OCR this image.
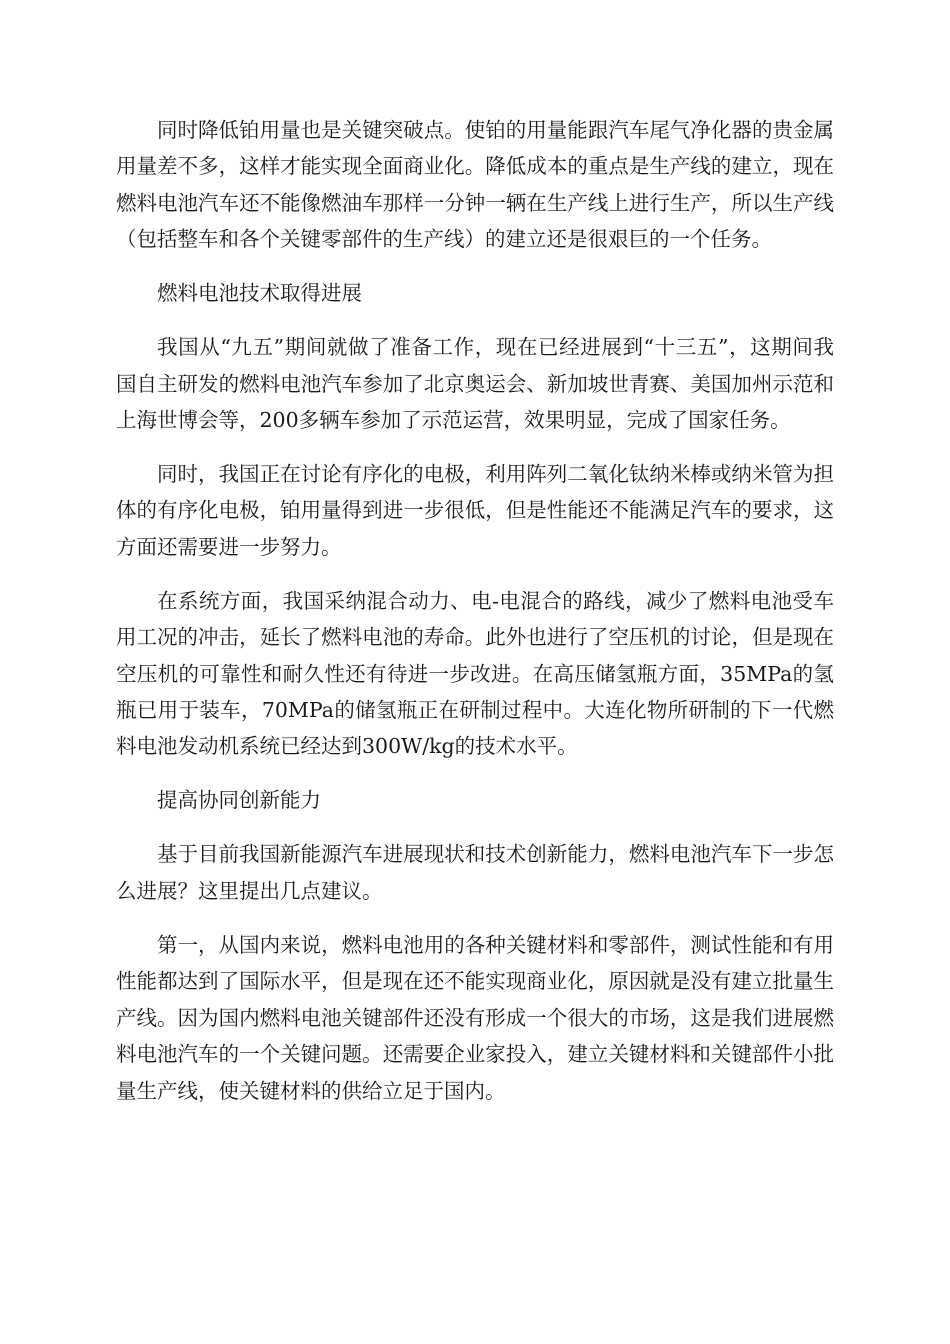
同时降低铂用量也是关键突破点。使铂的用量能跟汽车尾气净化器的贵金属用量差不多，这样才能实现全面商业化。降低成本的重点是生产线的建立，现在燃料电池汽车还不能像燃油车那样一分钟一辆在生产线上进行生产，所以生产线（包括整车和各个关键零部件的生产线）的建立还是很艰巨的一个任务。

燃料电池技术取得进展

我国从“九五”期间就做了准备工作，现在已经进展到“十三五”，这期间我国自主研发的燃料电池汽车参加了北京奥运会、新加坡世青赛、美国加州示范和上海世博会等，200多辆车参加了示范运营，效果明显，完成了国家任务。

同时，我国正在讨论有序化的电极，利用阵列二氧化钛纳米棒或纳米管为担体的有序化电极，铂用量得到进一步很低，但是性能还不能满足汽车的要求，这方面还需要进一步努力。

在系统方面，我国采纳混合动力、电-电混合的路线，减少了燃料电池受车用工况的冲击，延长了燃料电池的寿命。此外也进行了空压机的讨论，但是现在空压机的可靠性和耐久性还有待进一步改进。在高压储氢瓶方面，35MPa的氢瓶已用于装车，70MPa的储氢瓶正在研制过程中。大连化物所研制的下一代燃料电池发动机系统已经达到300W/kg的技术水平。

提高协同创新能力

基于目前我国新能源汽车进展现状和技术创新能力，燃料电池汽车下一步怎么进展？这里提出几点建议。

第一，从国内来说，燃料电池用的各种关键材料和零部件，测试性能和有用性能都达到了国际水平，但是现在还不能实现商业化，原因就是没有建立批量生产线。因为国内燃料电池关键部件还没有形成一个很大的市场，这是我们进展燃料电池汽车的一个关键问题。还需要企业家投入，建立关键材料和关键部件小批量生产线，使关键材料的供给立足于国内。
